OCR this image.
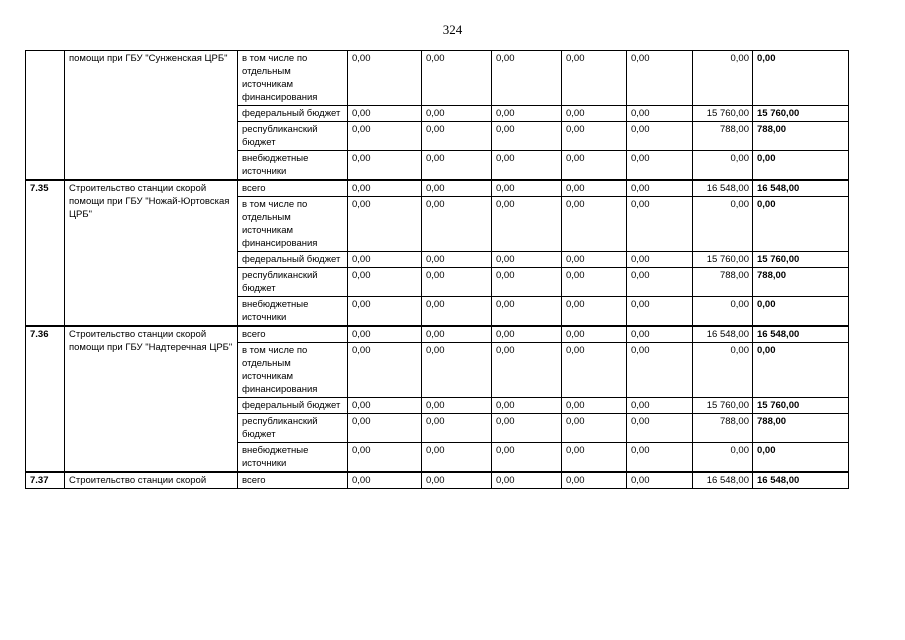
324
	помощи при ГБУ "Сунженская ЦРБ"	в том числе по отдельным источникам финансирования	0,00	0,00	0,00	0,00	0,00	0,00	0,00
		федеральный бюджет	0,00	0,00	0,00	0,00	0,00	15 760,00	15 760,00
		республиканский бюджет	0,00	0,00	0,00	0,00	0,00	788,00	788,00
		внебюджетные источники	0,00	0,00	0,00	0,00	0,00	0,00	0,00
7.35	Строительство станции скорой помощи при ГБУ "Ножай-Юртовская ЦРБ"	всего	0,00	0,00	0,00	0,00	0,00	16 548,00	16 548,00
		в том числе по отдельным источникам финансирования	0,00	0,00	0,00	0,00	0,00	0,00	0,00
		федеральный бюджет	0,00	0,00	0,00	0,00	0,00	15 760,00	15 760,00
		республиканский бюджет	0,00	0,00	0,00	0,00	0,00	788,00	788,00
		внебюджетные источники	0,00	0,00	0,00	0,00	0,00	0,00	0,00
7.36	Строительство станции скорой помощи при ГБУ "Надтеречная ЦРБ"	всего	0,00	0,00	0,00	0,00	0,00	16 548,00	16 548,00
		в том числе по отдельным источникам финансирования	0,00	0,00	0,00	0,00	0,00	0,00	0,00
		федеральный бюджет	0,00	0,00	0,00	0,00	0,00	15 760,00	15 760,00
		республиканский бюджет	0,00	0,00	0,00	0,00	0,00	788,00	788,00
		внебюджетные источники	0,00	0,00	0,00	0,00	0,00	0,00	0,00
7.37	Строительство станции скорой	всего	0,00	0,00	0,00	0,00	0,00	16 548,00	16 548,00
